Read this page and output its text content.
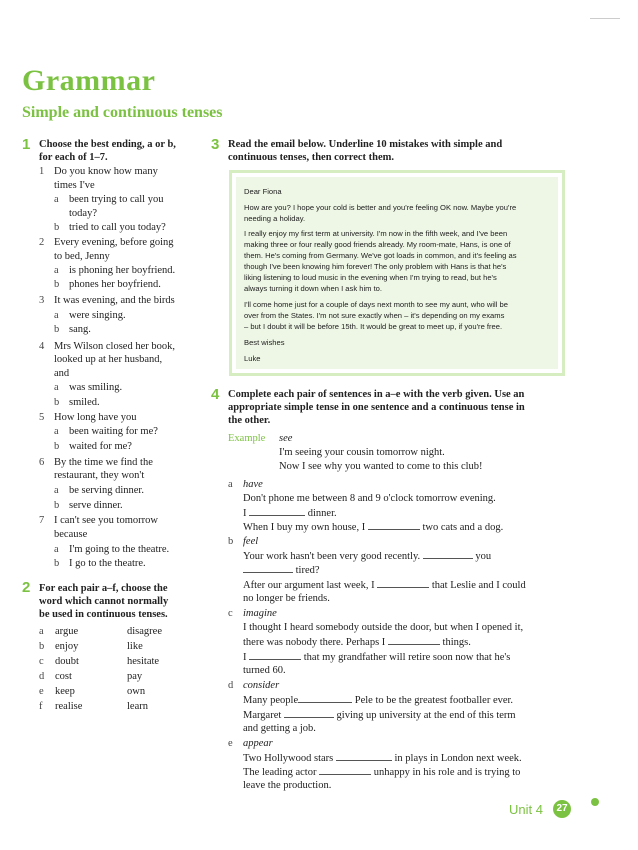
Grammar
Simple and continuous tenses
1 Choose the best ending, a or b,
for each of 1–7.
1 Do you know how many
times I've
a been trying to call you
today?
b tried to call you today?
2 Every evening, before going
to bed, Jenny
a is phoning her boyfriend.
b phones her boyfriend.
3 It was evening, and the birds
a were singing.
b sang.
4 Mrs Wilson closed her book,
looked up at her husband,
and
a was smiling.
b smiled.
5 How long have you
a been waiting for me?
b waited for me?
6 By the time we find the
restaurant, they won't
a be serving dinner.
b serve dinner.
7 I can't see you tomorrow
because
a I'm going to the theatre.
b I go to the theatre.
2 For each pair a–f, choose the
word which cannot normally
be used in continuous tenses.
a argue	disagree
b enjoy	like
c doubt	hesitate
d cost	pay
e keep	own
f realise	learn
3 Read the email below. Underline 10 mistakes with simple and
continuous tenses, then correct them.
Dear Fiona
How are you? I hope your cold is better and you're feeling OK now. Maybe you're
needing a holiday.
I really enjoy my first term at university. I'm now in the fifth week, and I've been
making three or four really good friends already. My room-mate, Hans, is one of
them. He's coming from Germany. We've got loads in common, and it's feeling as
though I've been knowing him forever! The only problem with Hans is that he's
liking listening to loud music in the evening when I'm trying to read, but he's
always turning it down when I ask him to.
I'll come home just for a couple of days next month to see my aunt, who will be
over from the States. I'm not sure exactly when – it's depending on my exams
– but I doubt it will be before 15th. It would be great to meet up, if you're free.
Best wishes
Luke
4 Complete each pair of sentences in a–e with the verb given. Use an
appropriate simple tense in one sentence and a continuous tense in
the other.
Example see
I'm seeing your cousin tomorrow night.
Now I see why you wanted to come to this club!
a have
Don't phone me between 8 and 9 o'clock tomorrow evening.
I	dinner.
When I buy my own house, I	two cats and a dog.
b feel
Your work hasn't been very good recently.	you
tired?
After our argument last week, I	that Leslie and I could
no longer be friends.
c imagine
I thought I heard somebody outside the door, but when I opened it,
there was nobody there. Perhaps I	things.
I	that my grandfather will retire soon now that he's
turned 60.
d consider
Many people	Pele to be the greatest footballer ever.
Margaret	giving up university at the end of this term
and getting a job.
e appear
Two Hollywood stars	in plays in London next week.
The leading actor	unhappy in his role and is trying to
leave the production.
Unit 4	27
